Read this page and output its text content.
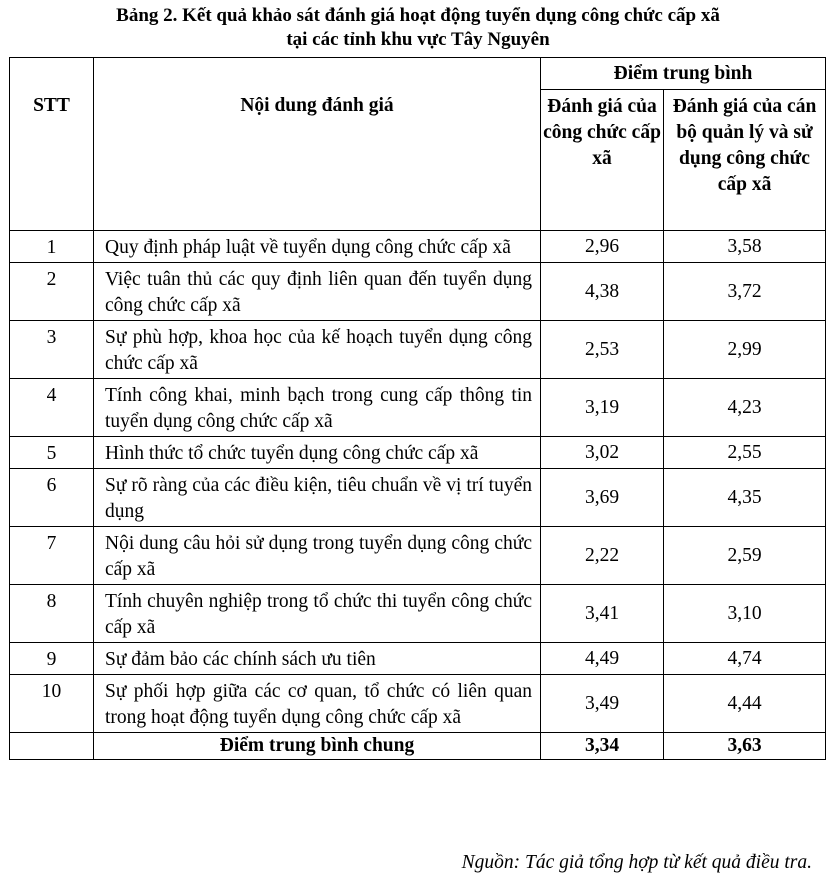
Bảng 2. Kết quả khảo sát đánh giá hoạt động tuyển dụng công chức cấp xã
tại các tỉnh khu vực Tây Nguyên
STT	Nội dung đánh giá	Điểm trung bình	
		Đánh giá của công chức cấp xã	Đánh giá của cán bộ quản lý và sử dụng công chức cấp xã
1	Quy định pháp luật về tuyển dụng công chức cấp xã	2,96	3,58
2	Việc tuân thủ các quy định liên quan đến tuyển dụng công chức cấp xã	4,38	3,72
3	Sự phù hợp, khoa học của kế hoạch tuyển dụng công chức cấp xã	2,53	2,99
4	Tính công khai, minh bạch trong cung cấp thông tin tuyển dụng công chức cấp xã	3,19	4,23
5	Hình thức tổ chức tuyển dụng công chức cấp xã	3,02	2,55
6	Sự rõ ràng của các điều kiện, tiêu chuẩn về vị trí tuyển dụng	3,69	4,35
7	Nội dung câu hỏi sử dụng trong tuyển dụng công chức cấp xã	2,22	2,59
8	Tính chuyên nghiệp trong tổ chức thi tuyển công chức cấp xã	3,41	3,10
9	Sự đảm bảo các chính sách ưu tiên	4,49	4,74
10	Sự phối hợp giữa các cơ quan, tổ chức có liên quan trong hoạt động tuyển dụng công chức cấp xã	3,49	4,44
	Điểm trung bình chung	3,34	3,63
Nguồn: Tác giả tổng hợp từ kết quả điều tra.
